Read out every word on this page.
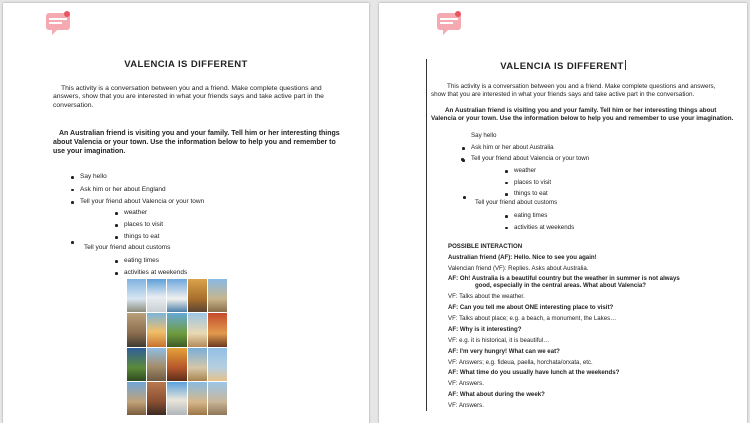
VALENCIA IS DIFFERENT
This activity is a conversation between you and a friend. Make complete questions and answers, show that you are interested in what your friends says and take active part in the conversation.
An Australian friend is visiting you and your family. Tell him or her interesting things about Valencia or your town. Use the information below to help you and remember to use your imagination.
Say hello
Ask him or her about England
Tell your friend about Valencia or your town
weather
places to visit
things to eat
Tell your friend about customs
eating times
activities at weekends
VALENCIA IS DIFFERENT
This activity is a conversation between you and a friend. Make complete questions and answers, show that you are interested in what your friends says and take active part in the conversation.
An Australian friend is visiting you and your family. Tell him or her interesting things about Valencia or your town. Use the information below to help you and remember to use your imagination.
Say hello
Ask him or her about Australia
Tell your friend about Valencia or your town
weather
places to visit
things to eat
Tell your friend about customs
eating times
activities at weekends
POSSIBLE INTERACTION
Australian friend (AF): Hello. Nice to see you again!
Valencian friend (VF): Replies. Asks about Australia.
AF: Oh! Australia is a beautiful country but the weather in summer is not always
good, especially in the central areas. What about Valencia?
VF: Talks about the weather.
AF: Can you tell me about ONE interesting place to visit?
VF: Talks about place; e.g. a beach, a monument, the Lakes…
AF: Why is it interesting?
VF: e.g. it is historical, it is beautiful…
AF: I'm very hungry! What can we eat?
VF: Answers; e.g. fideua, paella, horchata/orxata, etc.
AF: What time do you usually have lunch at the weekends?
VF: Answers.
AF: What about during the week?
VF: Answers.
